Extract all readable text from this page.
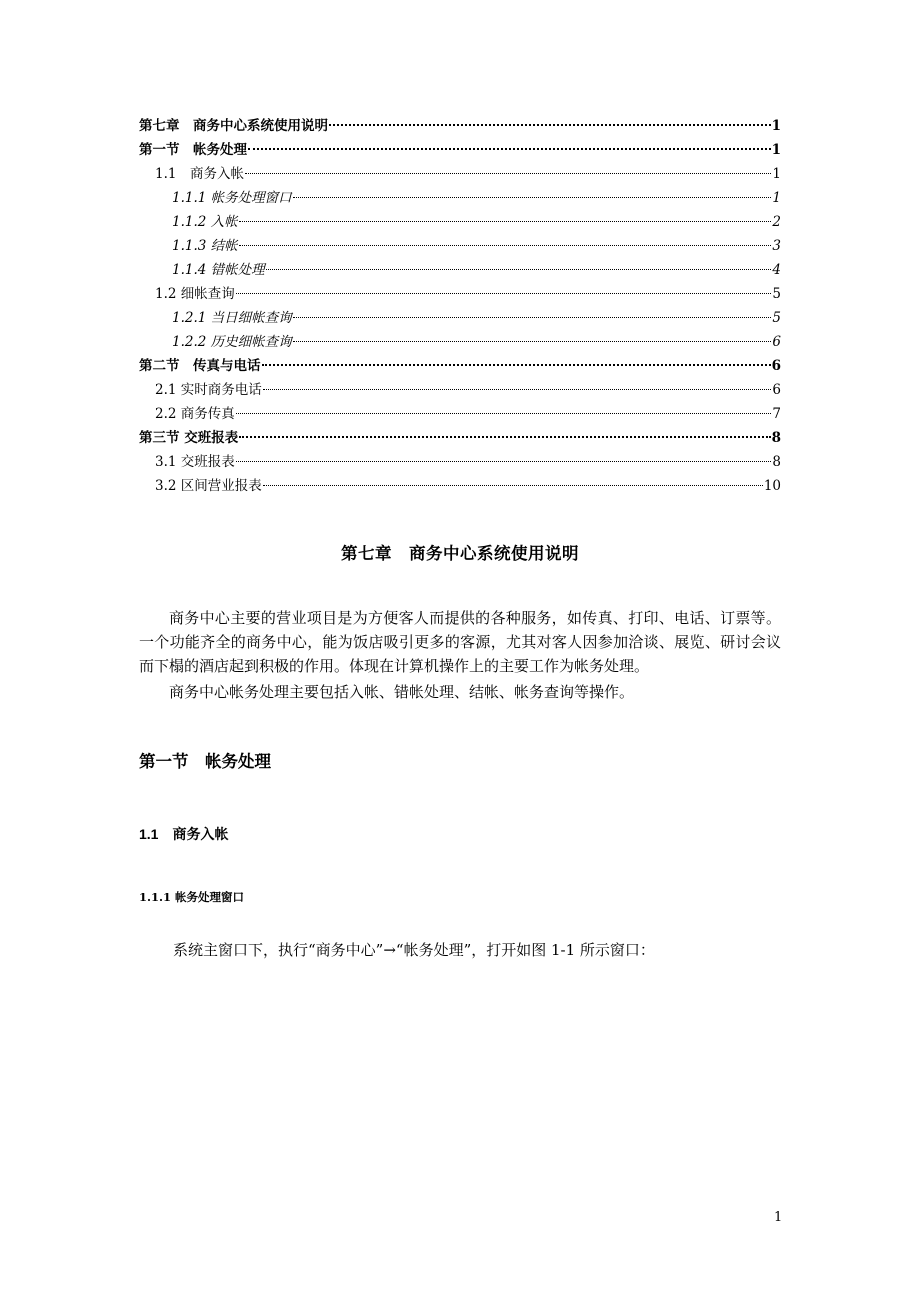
第七章　商务中心系统使用说明	1
第一节　帐务处理	1
1.1　商务入帐	1
1.1.1 帐务处理窗口	1
1.1.2 入帐	2
1.1.3 结帐	3
1.1.4 错帐处理	4
1.2 细帐查询	5
1.2.1 当日细帐查询	5
1.2.2 历史细帐查询	6
第二节　传真与电话	6
2.1 实时商务电话	6
2.2 商务传真	7
第三节 交班报表	8
3.1 交班报表	8
3.2 区间营业报表	10
第七章　商务中心系统使用说明
商务中心主要的营业项目是为方便客人而提供的各种服务，如传真、打印、电话、订票等。一个功能齐全的商务中心，能为饭店吸引更多的客源，尤其对客人因参加洽谈、展览、研讨会议而下榻的酒店起到积极的作用。体现在计算机操作上的主要工作为帐务处理。
商务中心帐务处理主要包括入帐、错帐处理、结帐、帐务查询等操作。
第一节　帐务处理
1.1　商务入帐
1.1.1 帐务处理窗口
系统主窗口下，执行“商务中心”→“帐务处理”，打开如图 1-1 所示窗口：
1
